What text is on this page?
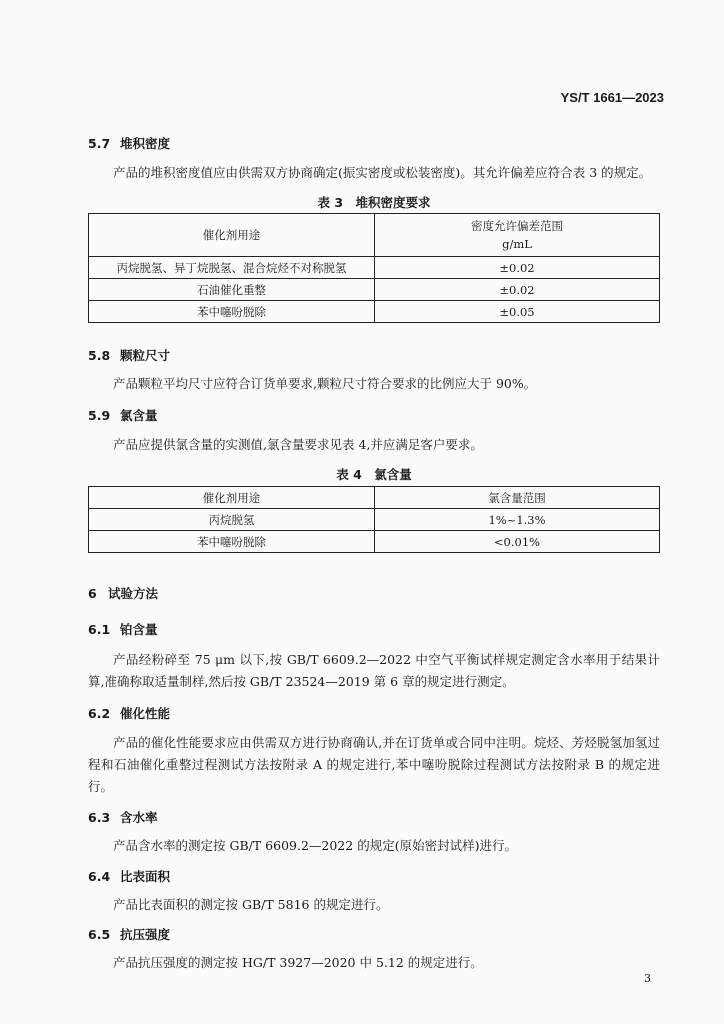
YS/T 1661—2023
5.7 堆积密度
产品的堆积密度值应由供需双方协商确定(振实密度或松装密度)。其允许偏差应符合表 3 的规定。
表 3　堆积密度要求
催化剂用途	密度允许偏差范围
g/mL
丙烷脱氢、异丁烷脱氢、混合烷烃不对称脱氢	±0.02
石油催化重整	±0.02
苯中噻吩脱除	±0.05
5.8 颗粒尺寸
产品颗粒平均尺寸应符合订货单要求,颗粒尺寸符合要求的比例应大于 90%。
5.9 氯含量
产品应提供氯含量的实测值,氯含量要求见表 4,并应满足客户要求。
表 4　氯含量
催化剂用途	氯含量范围
丙烷脱氢	1%~1.3%
苯中噻吩脱除	<0.01%
6 试验方法
6.1 铂含量
产品经粉碎至 75 μm 以下,按 GB/T 6609.2—2022 中空气平衡试样规定测定含水率用于结果计算,准确称取适量制样,然后按 GB/T 23524—2019 第 6 章的规定进行测定。
6.2 催化性能
产品的催化性能要求应由供需双方进行协商确认,并在订货单或合同中注明。烷烃、芳烃脱氢加氢过程和石油催化重整过程测试方法按附录 A 的规定进行,苯中噻吩脱除过程测试方法按附录 B 的规定进行。
6.3 含水率
产品含水率的测定按 GB/T 6609.2—2022 的规定(原始密封试样)进行。
6.4 比表面积
产品比表面积的测定按 GB/T 5816 的规定进行。
6.5 抗压强度
产品抗压强度的测定按 HG/T 3927—2020 中 5.12 的规定进行。
3
